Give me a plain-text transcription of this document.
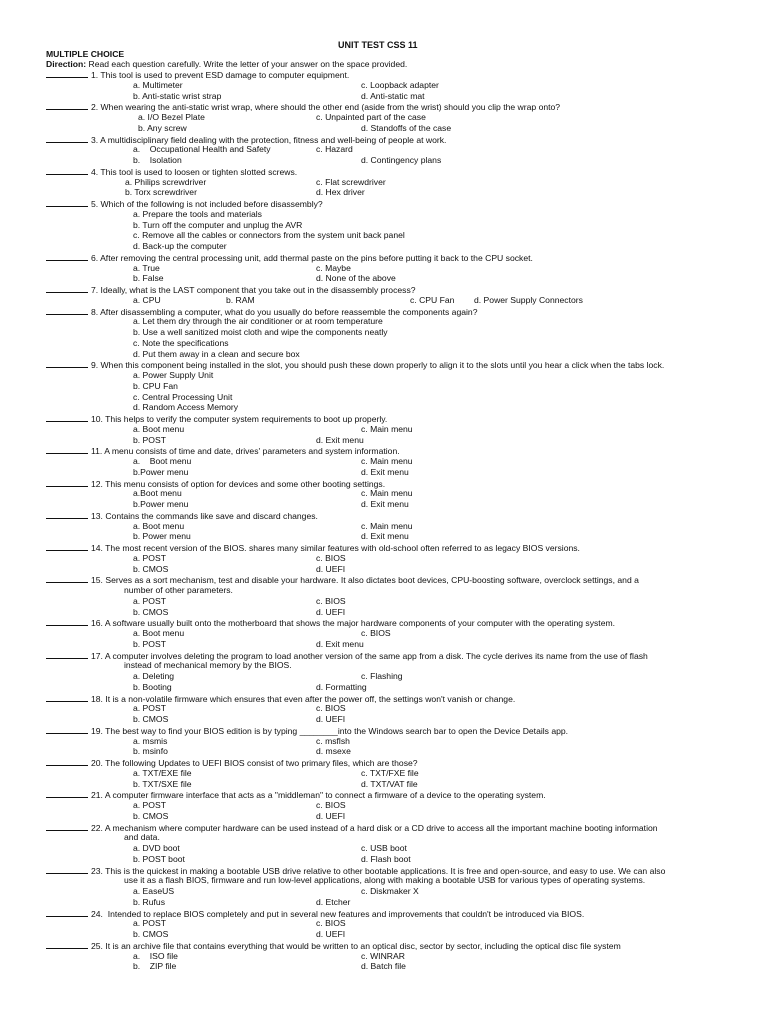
UNIT TEST CSS 11
MULTIPLE CHOICE
Direction: Read each question carefully. Write the letter of your answer on the space provided.
1. This tool is used to prevent ESD damage to computer equipment.
a. Multimeter	c. Loopback adapter
b. Anti-static wrist strap	d. Anti-static mat
2. When wearing the anti-static wrist wrap, where should the other end (aside from the wrist) should you clip the wrap onto?
a. I/O Bezel Plate	c. Unpainted part of the case
b. Any screw	d. Standoffs of the case
3. A multidisciplinary field dealing with the protection, fitness and well-being of people at work.
a.    Occupational Health and Safety	c. Hazard
b.    Isolation	d. Contingency plans
4. This tool is used to loosen or tighten slotted screws.
a. Philips screwdriver	c. Flat screwdriver
b. Torx screwdriver	d. Hex driver
5. Which of the following is not included before disassembly?
a. Prepare the tools and materials
b. Turn off the computer and unplug the AVR
c. Remove all the cables or connectors from the system unit back panel
d. Back-up the computer
6. After removing the central processing unit, add thermal paste on the pins before putting it back to the CPU socket.
a. True	c. Maybe
b. False	d. None of the above
7. Ideally, what is the LAST component that you take out in the disassembly process?
a. CPU	b. RAM	c. CPU Fan d. Power Supply Connectors
8. After disassembling a computer, what do you usually do before reassemble the components again?
a. Let them dry through the air conditioner or at room temperature
b. Use a well sanitized moist cloth and wipe the components neatly
c. Note the specifications
d. Put them away in a clean and secure box
9. When this component being installed in the slot, you should push these down properly to align it to the slots until you hear a click when the tabs lock.
a. Power Supply Unit
b. CPU Fan
c. Central Processing Unit
d. Random Access Memory
10. This helps to verify the computer system requirements to boot up properly.
a. Boot menu	c. Main menu
b. POST	d. Exit menu
11. A menu consists of time and date, drives' parameters and system information.
a.    Boot menu	c. Main menu
b.Power menu	d. Exit menu
12. This menu consists of option for devices and some other booting settings.
a.Boot menu	c. Main menu
b.Power menu	d. Exit menu
13. Contains the commands like save and discard changes.
a. Boot menu	c. Main menu
b. Power menu	d. Exit menu
14. The most recent version of the BIOS. shares many similar features with old-school often referred to as legacy BIOS versions.
a. POST	c. BIOS
b. CMOS	d. UEFI
15. Serves as a sort mechanism, test and disable your hardware. It also dictates boot devices, CPU-boosting software, overclock settings, and a
number of other parameters.
a. POST	c. BIOS
b. CMOS	d. UEFI
16. A software usually built onto the motherboard that shows the major hardware components of your computer with the operating system.
a. Boot menu	c. BIOS
b. POST	d. Exit menu
17. A computer involves deleting the program to load another version of the same app from a disk. The cycle derives its name from the use of flash
instead of mechanical memory by the BIOS.
a. Deleting	c. Flashing
b. Booting	d. Formatting
18. It is a non-volatile firmware which ensures that even after the power off, the settings won't vanish or change.
a. POST	c. BIOS
b. CMOS	d. UEFI
19. The best way to find your BIOS edition is by typing ________into the Windows search bar to open the Device Details app.
a. msmis	c. msflsh
b. msinfo	d. msexe
20. The following Updates to UEFI BIOS consist of two primary files, which are those?
a. TXT/EXE file	c. TXT/FXE file
b. TXT/SXE file	d. TXT/VAT file
21. A computer firmware interface that acts as a "middleman" to connect a firmware of a device to the operating system.
a. POST	c. BIOS
b. CMOS	d. UEFI
22. A mechanism where computer hardware can be used instead of a hard disk or a CD drive to access all the important machine booting information
and data.
a. DVD boot	c. USB boot
b. POST boot	d. Flash boot
23. This is the quickest in making a bootable USB drive relative to other bootable applications. It is free and open-source, and easy to use. We can also
use it as a flash BIOS, firmware and run low-level applications, along with making a bootable USB for various types of operating systems.
a. EaseUS	c. Diskmaker X
b. Rufus	d. Etcher
24.  Intended to replace BIOS completely and put in several new features and improvements that couldn't be introduced via BIOS.
a. POST	c. BIOS
b. CMOS	d. UEFI
25. It is an archive file that contains everything that would be written to an optical disc, sector by sector, including the optical disc file system
a.    ISO file	c. WINRAR
b.    ZIP file	d. Batch file
